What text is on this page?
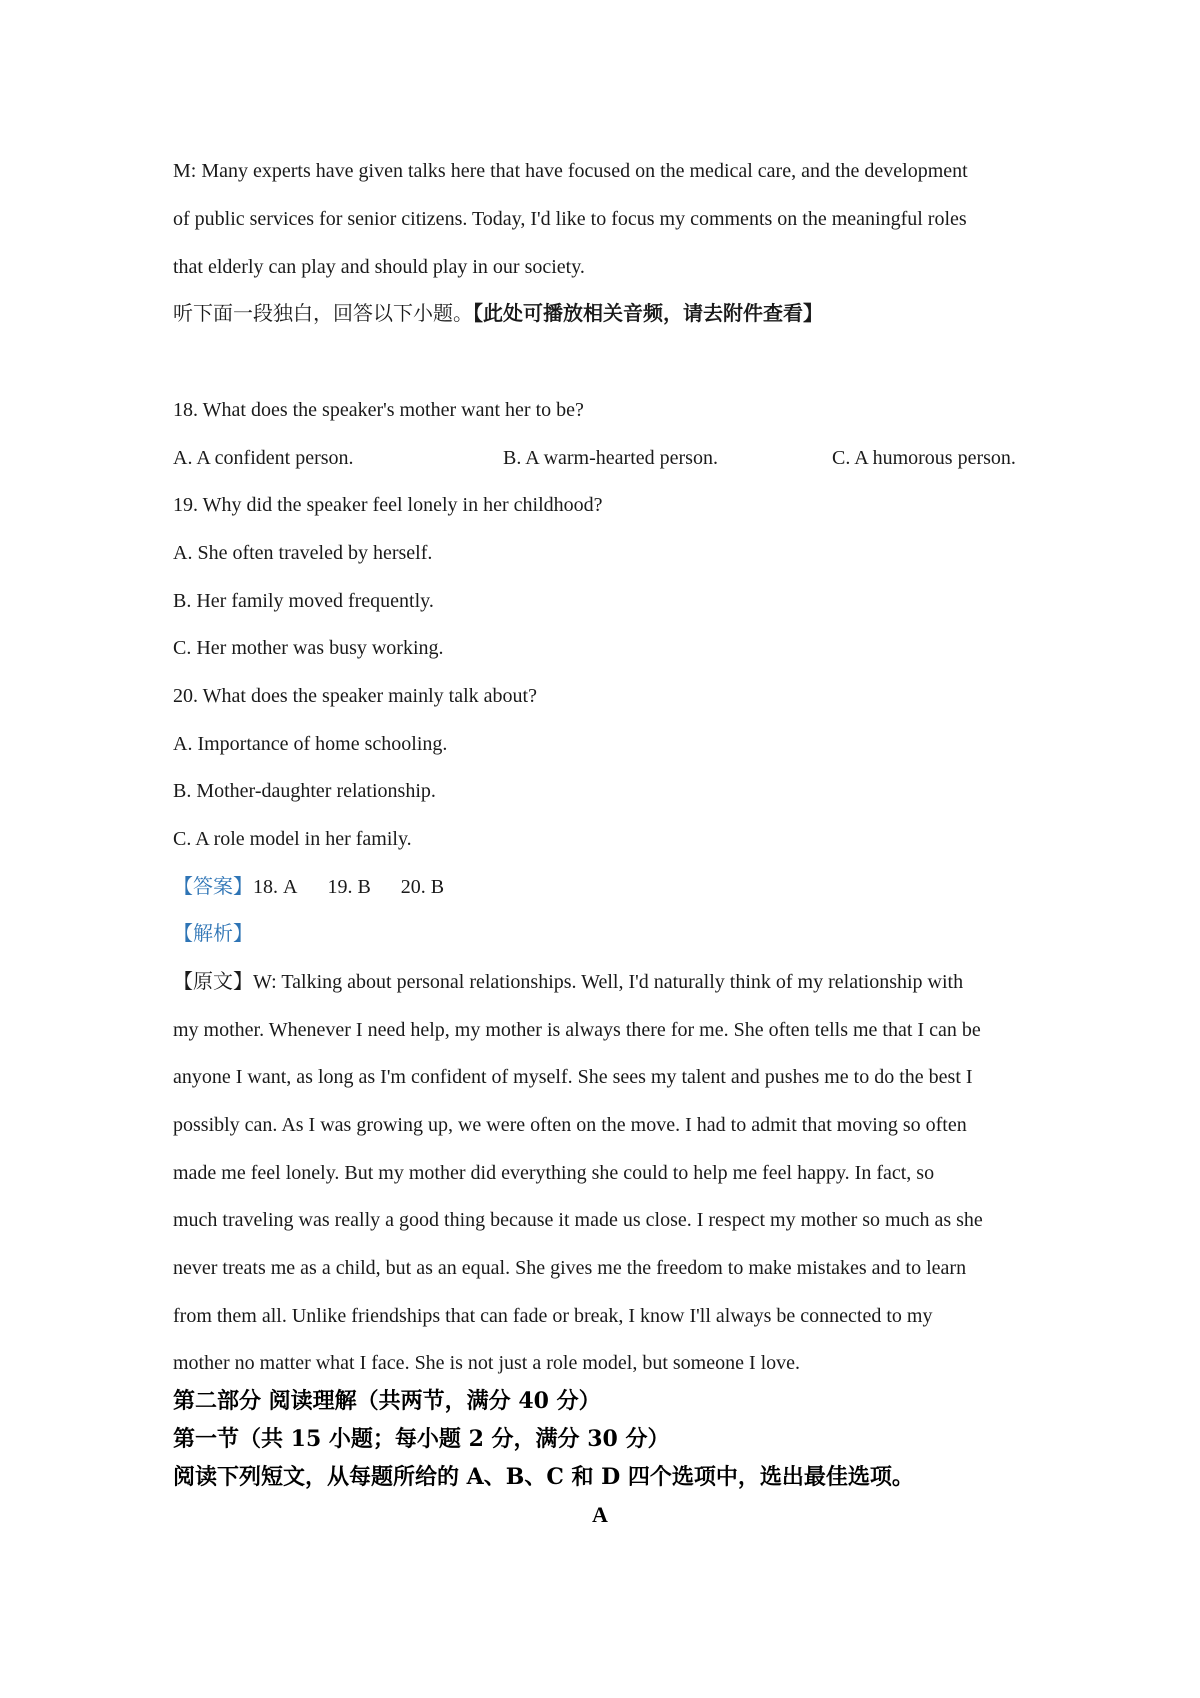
M: Many experts have given talks here that have focused on the medical care, and the development
of public services for senior citizens. Today, I'd like to focus my comments on the meaningful roles
that elderly can play and should play in our society.
听下面一段独白，回答以下小题。【此处可播放相关音频，请去附件查看】
18. What does the speaker's mother want her to be?
A. A confident person.	B. A warm-hearted person.	C. A humorous person.
19. Why did the speaker feel lonely in her childhood?
A. She often traveled by herself.
B. Her family moved frequently.
C. Her mother was busy working.
20. What does the speaker mainly talk about?
A. Importance of home schooling.
B. Mother-daughter relationship.
C. A role model in her family.
【答案】18. A 19. B 20. B
【解析】
【原文】W: Talking about personal relationships. Well, I'd naturally think of my relationship with
my mother. Whenever I need help, my mother is always there for me. She often tells me that I can be
anyone I want, as long as I'm confident of myself. She sees my talent and pushes me to do the best I
possibly can. As I was growing up, we were often on the move. I had to admit that moving so often
made me feel lonely. But my mother did everything she could to help me feel happy. In fact, so
much traveling was really a good thing because it made us close. I respect my mother so much as she
never treats me as a child, but as an equal. She gives me the freedom to make mistakes and to learn
from them all. Unlike friendships that can fade or break, I know I'll always be connected to my
mother no matter what I face. She is not just a role model, but someone I love.
第二部分 阅读理解（共两节，满分 40 分）
第一节（共 15 小题；每小题 2 分，满分 30 分）
阅读下列短文，从每题所给的 A、B、C 和 D 四个选项中，选出最佳选项。
A
